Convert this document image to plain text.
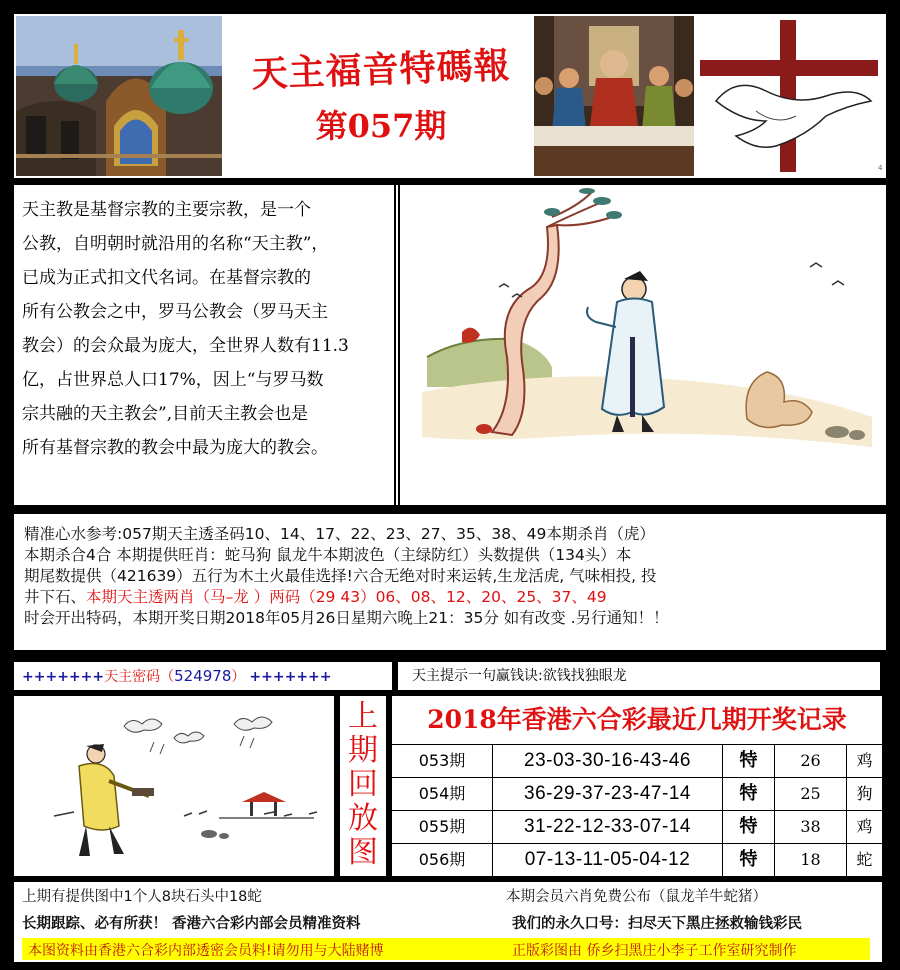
天主福音特碼報
第057期
4
天主教是基督宗教的主要宗教，是一个
公教，自明朝时就沿用的名称“天主教”，
已成为正式扣文代名词。在基督宗教的
所有公教会之中，罗马公教会（罗马天主
教会）的会众最为庞大，全世界人数有11.3
亿，占世界总人口17%，因上“与罗马数
宗共融的天主教会”,目前天主教会也是
所有基督宗教的教会中最为庞大的教会。
精准心水参考:057期天主透圣码10、14、17、22、23、27、35、38、49本期杀肖（虎）
本期杀合4合 本期提供旺肖：蛇马狗 鼠龙牛本期波色（主绿防红）头数提供（134头）本
期尾数提供（421639）五行为木土火最佳选择!六合无绝对时来运转,生龙活虎, 气味相投, 投
井下石、本期天主透两肖（马–龙 ）两码（29 43）06、08、12、20、25、37、49
时会开出特码，本期开奖日期2018年05月26日星期六晚上21：35分 如有改变 .另行通知！！
+++++++天主密码（524978） +++++++	天主提示一句赢钱诀:欲钱找独眼龙
上
期
回
放
图
2018年香港六合彩最近几期开奖记录
053期	23-03-30-16-43-46	特	26	鸡
054期	36-29-37-23-47-14	特	25	狗
055期	31-22-12-33-07-14	特	38	鸡
056期	07-13-11-05-04-12	特	18	蛇
上期有提供图中1个人8块石头中18蛇	本期会员六肖免费公布（鼠龙羊牛蛇猪）
长期跟踪、必有所获！ 香港六合彩内部会员精准资料	我们的永久口号：扫尽天下黑庄拯救输钱彩民
本图资料由香港六合彩内部透密会员料!请勿用与大陆赌博	正版彩图由 侨乡扫黑庄小李子工作室研究制作
